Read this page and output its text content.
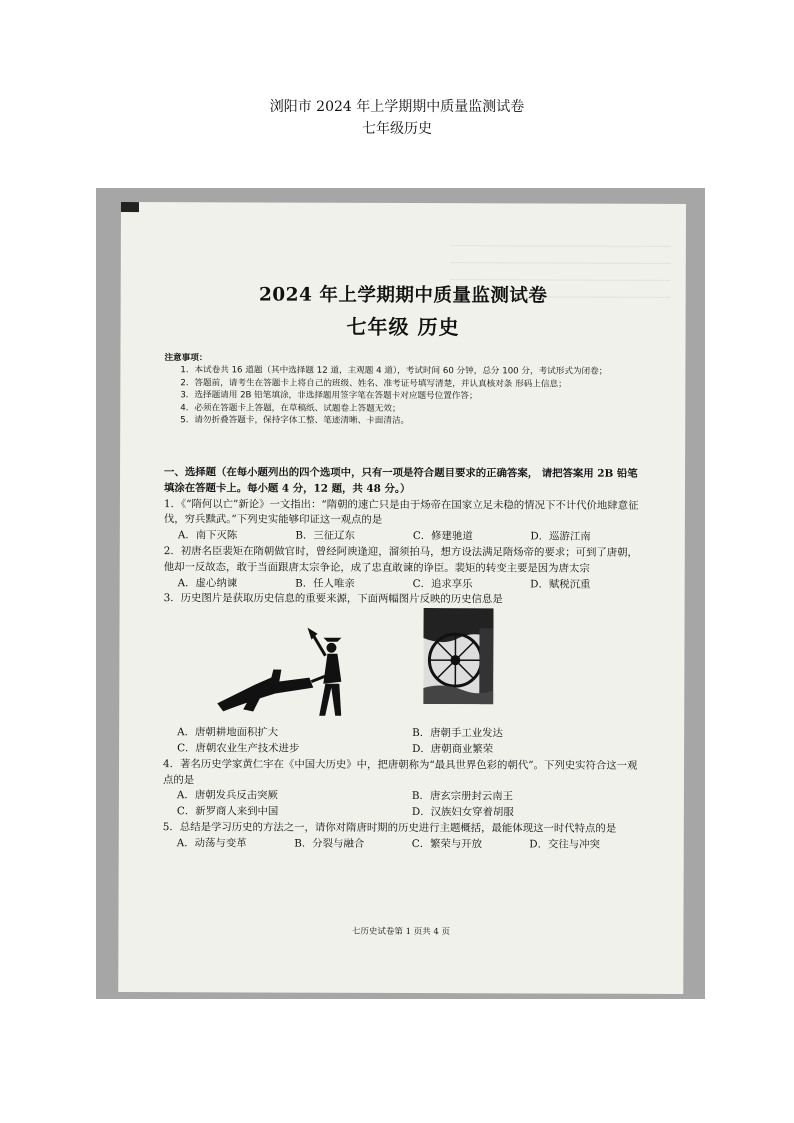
浏阳市 2024 年上学期期中质量监测试卷
七年级历史
2024 年上学期期中质量监测试卷
七年级 历史
注意事项：
1．本试卷共 16 道题（其中选择题 12 道，主观题 4 道），考试时间 60 分钟，总分 100 分，考试形式为闭卷；
2．答题前，请考生在答题卡上将自己的班级、姓名、准考证号填写清楚，并认真核对条 形码上信息；
3．选择题请用 2B 铅笔填涂，非选择题用签字笔在答题卡对应题号位置作答；
4．必须在答题卡上答题，在草稿纸、试题卷上答题无效；
5．请勿折叠答题卡，保持字体工整、笔迹清晰、卡面清洁。
一、选择题（在每小题列出的四个选项中，只有一项是符合题目要求的正确答案， 请把答案用 2B 铅笔填涂在答题卡上。每小题 4 分，12 题，共 48 分。）
1．《“隋何以亡”新论》一文指出：“隋朝的速亡只是由于炀帝在国家立足未稳的情况下不计代价地肆意征伐，穷兵黩武。”下列史实能够印证这一观点的是
A．南下灭陈	B．三征辽东	C．修建驰道	D．巡游江南
2．初唐名臣裴矩在隋朝做官时，曾经阿谀逢迎，溜须拍马，想方设法满足隋炀帝的要求；可到了唐朝，他却一反故态，敢于当面跟唐太宗争论，成了忠直敢谏的诤臣。裴矩的转变主要是因为唐太宗
A．虚心纳谏	B．任人唯亲	C．追求享乐	D．赋税沉重
3．历史图片是获取历史信息的重要来源，下面两幅图片反映的历史信息是
A．唐朝耕地面积扩大	B．唐朝手工业发达
C．唐朝农业生产技术进步	D．唐朝商业繁荣
4．著名历史学家黄仁宇在《中国大历史》中，把唐朝称为“最具世界色彩的朝代”。下列史实符合这一观点的是
A．唐朝发兵反击突厥	B．唐玄宗册封云南王
C．新罗商人来到中国	D．汉族妇女穿着胡服
5．总结是学习历史的方法之一，请你对隋唐时期的历史进行主题概括，最能体现这一时代特点的是
A．动荡与变革	B．分裂与融合	C．繁荣与开放	D．交往与冲突
七历史试卷第 1 页共 4 页
